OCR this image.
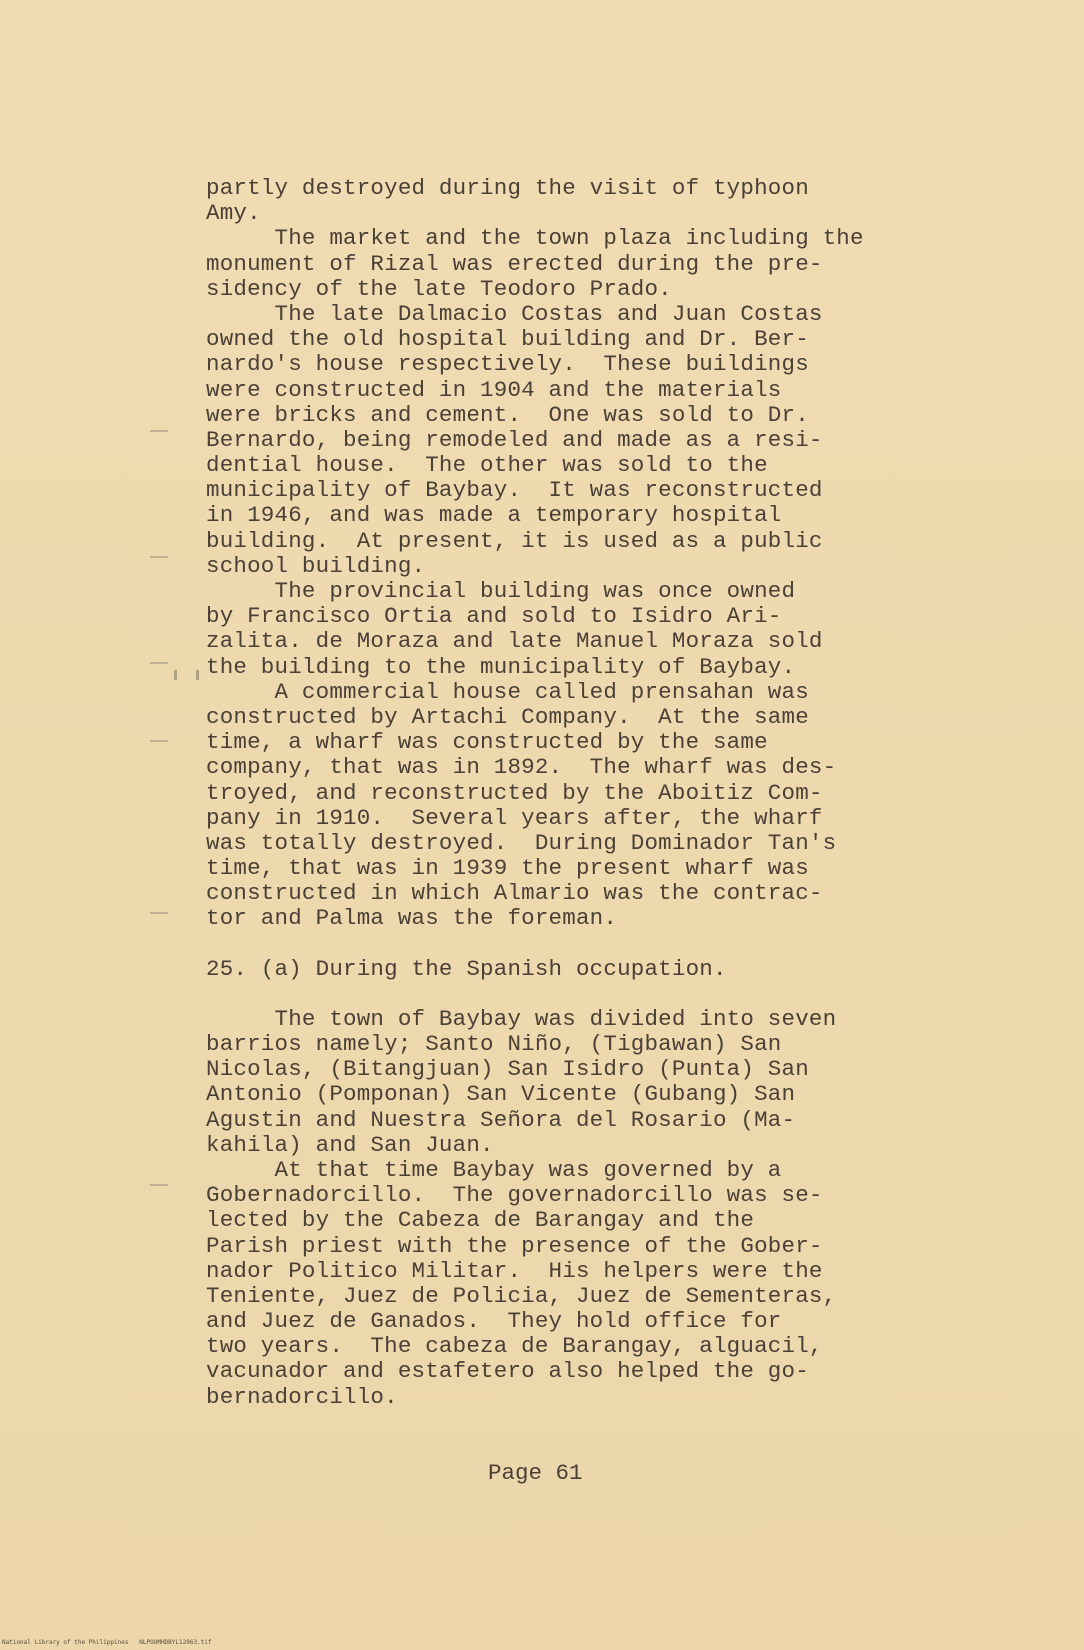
partly destroyed during the visit of typhoon
Amy.
The market and the town plaza including the
monument of Rizal was erected during the pre-
sidency of the late Teodoro Prado.
The late Dalmacio Costas and Juan Costas
owned the old hospital building and Dr. Ber-
nardo's house respectively.  These buildings
were constructed in 1904 and the materials
were bricks and cement.  One was sold to Dr.
Bernardo, being remodeled and made as a resi-
dential house.  The other was sold to the
municipality of Baybay.  It was reconstructed
in 1946, and was made a temporary hospital
building.  At present, it is used as a public
school building.
The provincial building was once owned
by Francisco Ortia and sold to Isidro Ari-
zalita. de Moraza and late Manuel Moraza sold
the building to the municipality of Baybay.
A commercial house called prensahan was
constructed by Artachi Company.  At the same
time, a wharf was constructed by the same
company, that was in 1892.  The wharf was des-
troyed, and reconstructed by the Aboitiz Com-
pany in 1910.  Several years after, the wharf
was totally destroyed.  During Dominador Tan's
time, that was in 1939 the present wharf was
constructed in which Almario was the contrac-
tor and Palma was the foreman.
25. (a) During the Spanish occupation.
The town of Baybay was divided into seven
barrios namely; Santo Niño, (Tigbawan) San
Nicolas, (Bitangjuan) San Isidro (Punta) San
Antonio (Pomponan) San Vicente (Gubang) San
Agustin and Nuestra Señora del Rosario (Ma-
kahila) and San Juan.
At that time Baybay was governed by a
Gobernadorcillo.  The governadorcillo was se-
lected by the Cabeza de Barangay and the
Parish priest with the presence of the Gober-
nador Politico Militar.  His helpers were the
Teniente, Juez de Policia, Juez de Sementeras,
and Juez de Ganados.  They hold office for
two years.  The cabeza de Barangay, alguacil,
vacunador and estafetero also helped the go-
bernadorcillo.
Page 61
National Library of the Philippines   NLPOOMHDBYL12063.tif
